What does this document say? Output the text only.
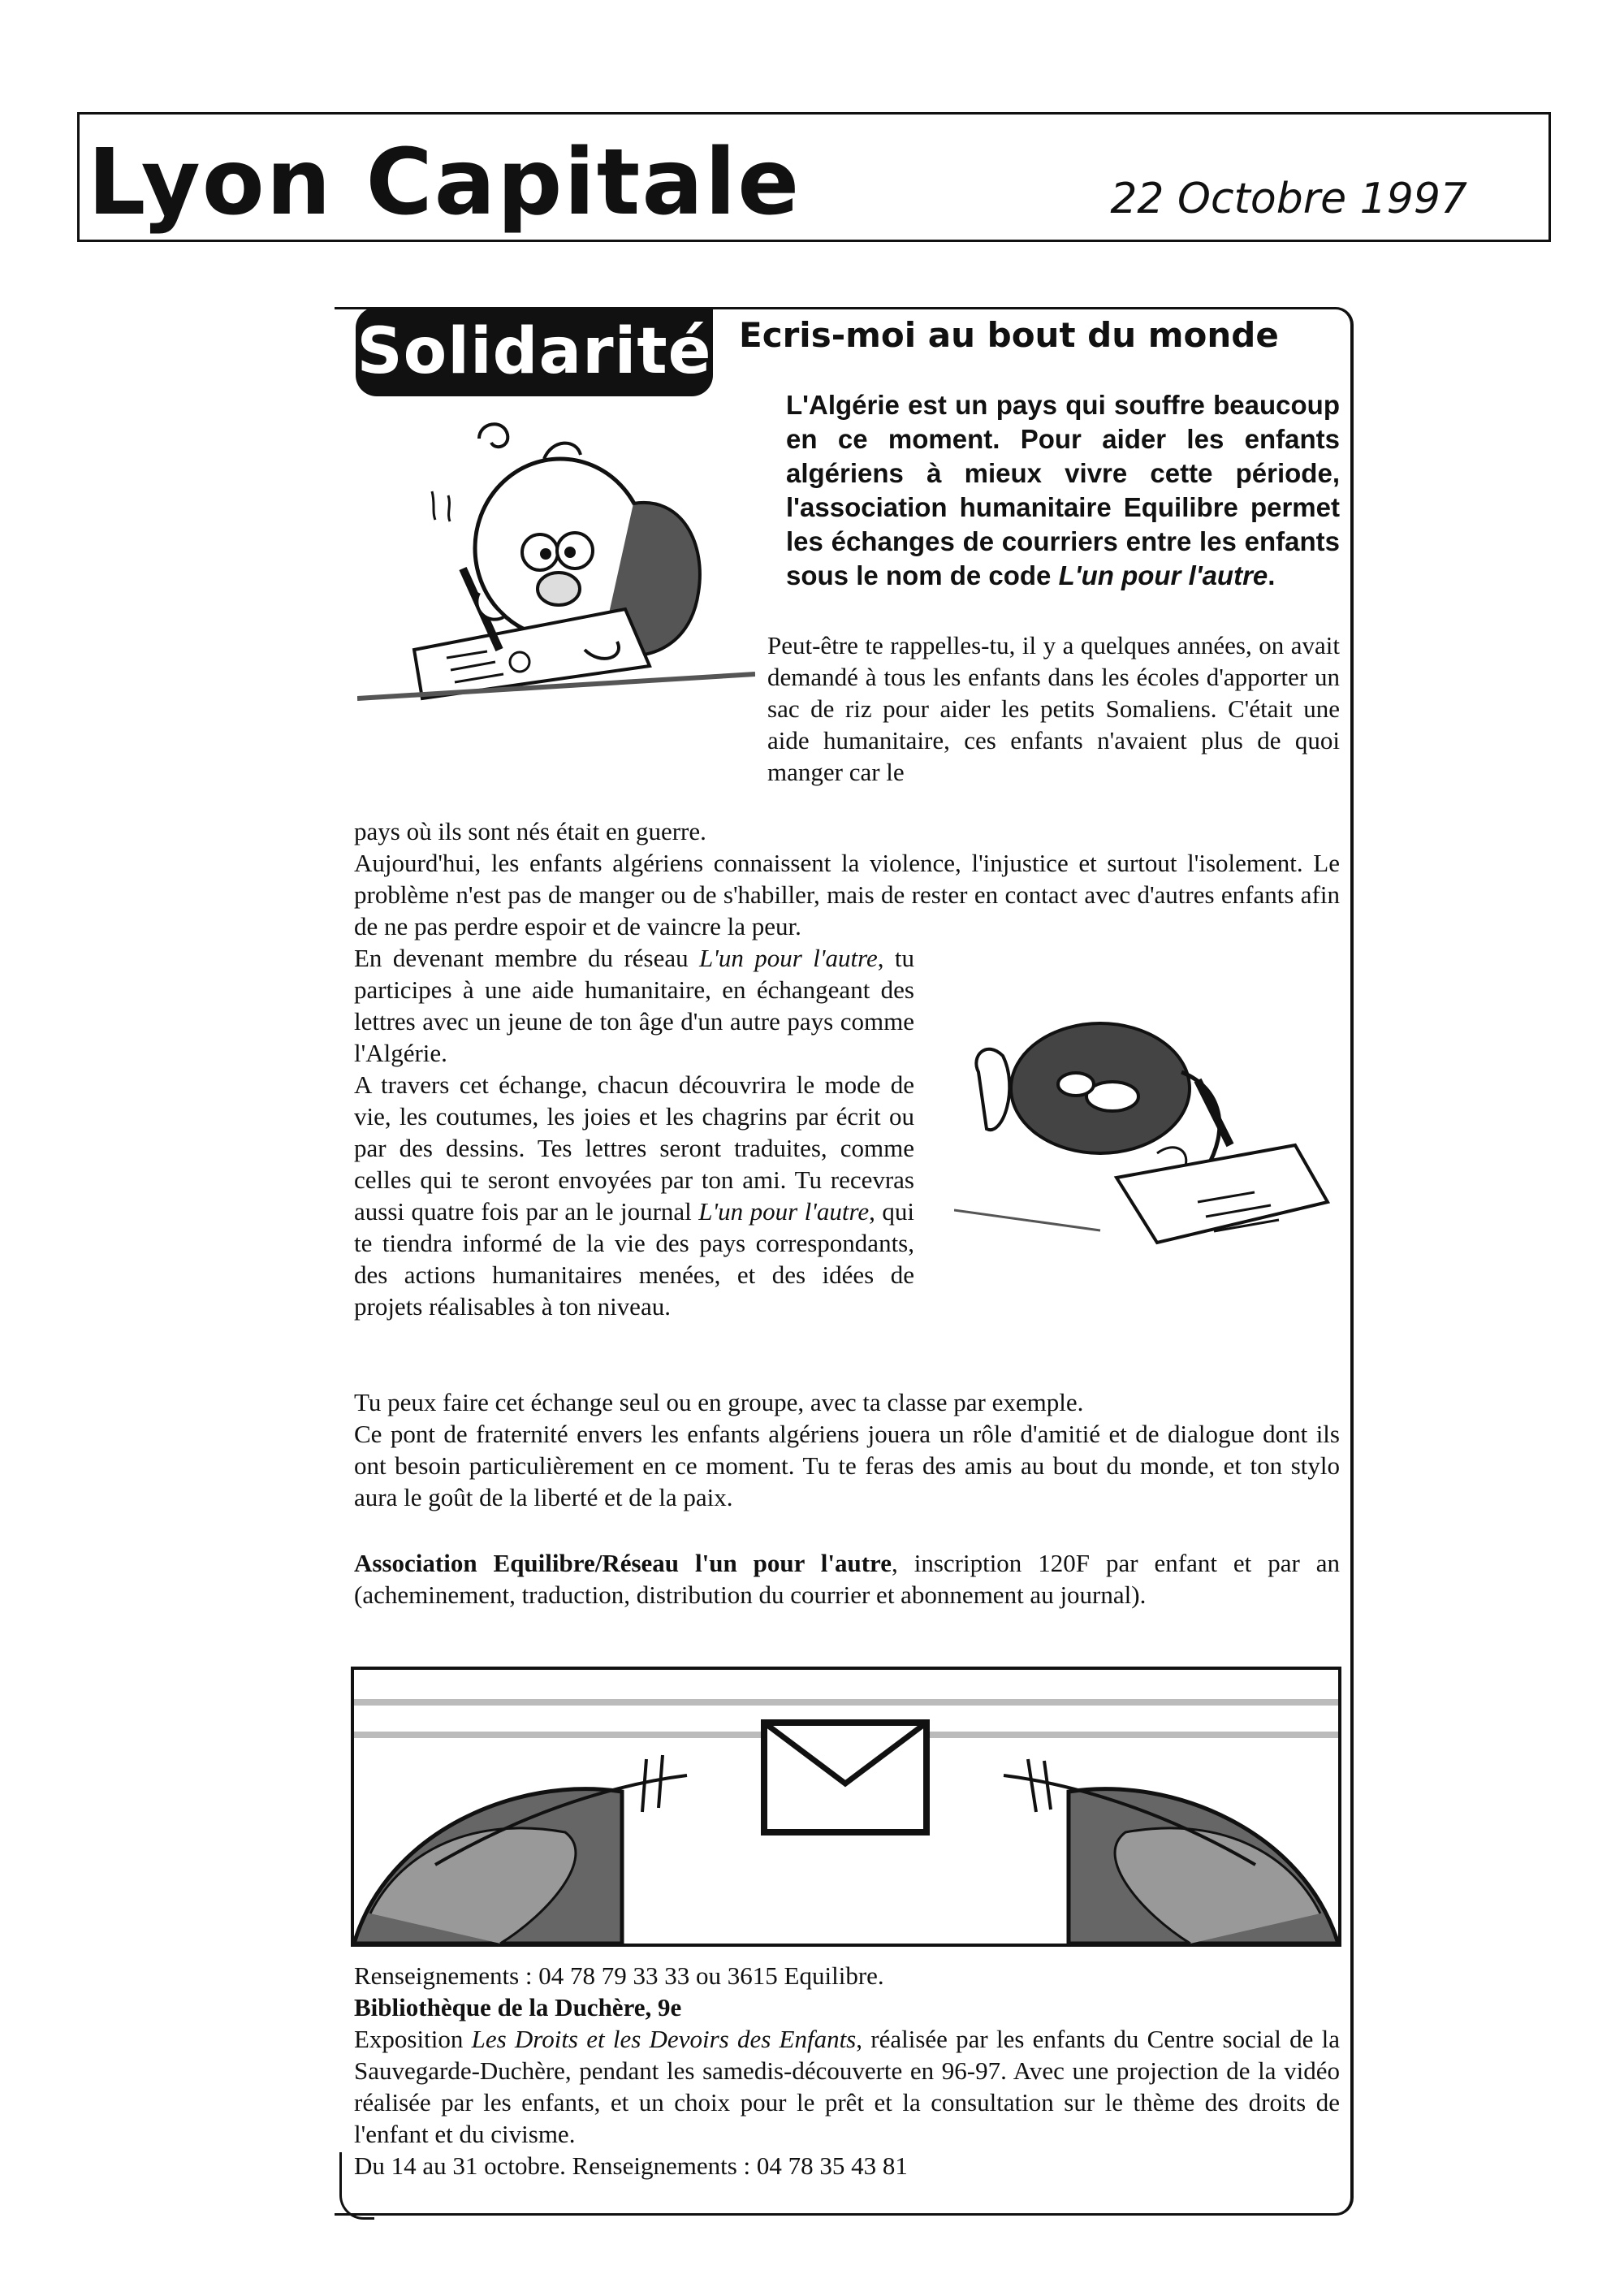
Lyon Capitale	22 Octobre 1997
Solidarité Ecris-moi au bout du monde
L'Algérie est un pays qui souffre beaucoup en ce moment. Pour aider les enfants algériens à mieux vivre cette période, l'association humanitaire Equilibre permet les échanges de courriers entre les enfants sous le nom de code L'un pour l'autre.

Peut-être te rappelles-tu, il y a quelques années, on avait demandé à tous les enfants dans les écoles d'apporter un sac de riz pour aider les petits Somaliens. C'était une aide humanitaire, ces enfants n'avaient plus de quoi manger car le

pays où ils sont nés était en guerre.

Aujourd'hui, les enfants algériens connaissent la violence, l'injustice et surtout l'isolement. Le problème n'est pas de manger ou de s'habiller, mais de rester en contact avec d'autres enfants afin de ne pas perdre espoir et de vaincre la peur.

En devenant membre du réseau L'un pour l'autre, tu participes à une aide humanitaire, en échangeant des lettres avec un jeune de ton âge d'un autre pays comme l'Algérie.

A travers cet échange, chacun découvrira le mode de vie, les coutumes, les joies et les chagrins par écrit ou par des dessins. Tes lettres seront traduites, comme celles qui te seront envoyées par ton ami. Tu recevras aussi quatre fois par an le journal L'un pour l'autre, qui te tiendra informé de la vie des pays correspondants, des actions humanitaires menées, et des idées de projets réalisables à ton niveau.

Tu peux faire cet échange seul ou en groupe, avec ta classe par exemple.

Ce pont de fraternité envers les enfants algériens jouera un rôle d'amitié et de dialogue dont ils ont besoin particulièrement en ce moment. Tu te feras des amis au bout du monde, et ton stylo aura le goût de la liberté et de la paix.

Association Equilibre/Réseau l'un pour l'autre, inscription 120F par enfant et par an (acheminement, traduction, distribution du courrier et abonnement au journal).

Renseignements : 04 78 79 33 33 ou 3615 Equilibre.

Bibliothèque de la Duchère, 9e

Exposition Les Droits et les Devoirs des Enfants, réalisée par les enfants du Centre social de la Sauvegarde-Duchère, pendant les samedis-découverte en 96-97. Avec une projection de la vidéo réalisée par les enfants, et un choix pour le prêt et la consultation sur le thème des droits de l'enfant et du civisme.

Du 14 au 31 octobre. Renseignements : 04 78 35 43 81
